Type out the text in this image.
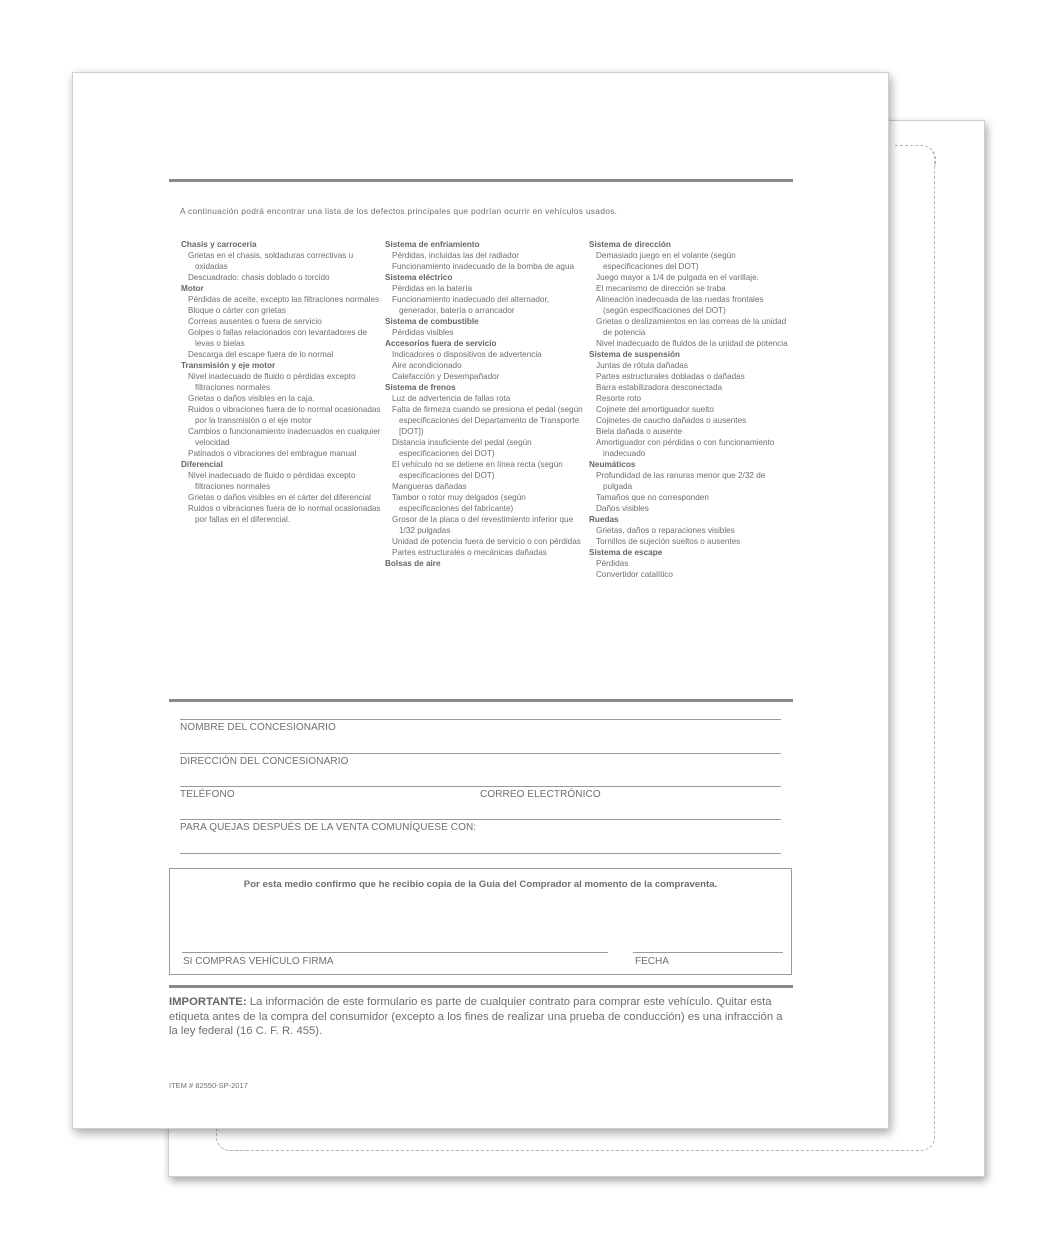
A continuación podrá encontrar una lista de los defectos principales que podrían ocurrir en vehículos usados.
Chasis y carrocería
Grietas en el chasis, soldaduras correctivas u oxidadas
Descuadrado: chasis doblado o torcido
Motor
Pérdidas de aceite, excepto las filtraciones normales
Bloque o cárter con grietas
Correas ausentes o fuera de servicio
Golpes o fallas relacionados con levantadores de levas o bielas
Descarga del escape fuera de lo normal
Transmisión y eje motor
Nivel inadecuado de fluido o pérdidas excepto filtraciones normales
Grietas o daños visibles en la caja.
Ruidos o vibraciones fuera de lo normal ocasionadas por la transmisión o el eje motor
Cambios o funcionamiento inadecuados en cualquier velocidad
Patinados o vibraciones del embrague manual
Diferencial
Nivel inadecuado de fluido o pérdidas excepto filtraciones normales
Grietas o daños visibles en el cárter del diferencial
Ruidos o vibraciones fuera de lo normal ocasionadas por fallas en el diferencial.
Sistema de enfriamiento
Pérdidas, incluidas las del radiador
Funcionamiento inadecuado de la bomba de agua
Sistema eléctrico
Pérdidas en la batería
Funcionamiento inadecuado del alternador, generador, batería o arrancador
Sistema de combustible
Pérdidas visibles
Accesorios fuera de servicio
Indicadores o dispositivos de advertencia
Aire acondicionado
Calefacción y Desempañador
Sistema de frenos
Luz de advertencia de fallas rota
Falta de firmeza cuando se presiona el pedal (según especificaciones del Departamento de Transporte [DOT])
Distancia insuficiente del pedal (según especificaciones del DOT)
El vehículo no se detiene en línea recta (según especificaciones del DOT)
Mangueras dañadas
Tambor o rotor muy delgados (según especificaciones del fabricante)
Grosor de la placa o del revestimiento inferior que 1/32 pulgadas
Unidad de potencia fuera de servicio o con pérdidas
Partes estructurales o mecánicas dañadas
Bolsas de aire
Sistema de dirección
Demasiado juego en el volante (según especificaciones del DOT)
Juego mayor a 1/4 de pulgada en el varillaje.
El mecanismo de dirección se traba
Alineación inadecuada de las ruedas frontales (según especificaciones del DOT)
Grietas o deslizamientos en las correas de la unidad de potencia
Nivel inadecuado de fluidos de la unidad de potencia
Sistema de suspensión
Juntas de rótula dañadas
Partes estructurales dobladas o dañadas
Barra estabilizadora desconectada
Resorte roto
Cojinete del amortiguador suelto
Cojinetes de caucho dañados o ausentes
Biela dañada o ausente
Amortiguador con pérdidas o con funcionamiento inadecuado
Neumáticos
Profundidad de las ranuras menor que 2/32 de pulgada
Tamaños que no corresponden
Daños visibles
Ruedas
Grietas, daños o reparaciones visibles
Tornillos de sujeción sueltos o ausentes
Sistema de escape
Pérdidas
Convertidor catalítico
NOMBRE DEL CONCESIONARIO
DIRECCIÓN DEL CONCESIONARIO
TELÉFONO	CORREO ELECTRÓNICO
PARA QUEJAS DESPUÉS DE LA VENTA COMUNÍQUESE CON:
Por esta medio confirmo que he recibio copia de la Guia del Comprador al momento de la compraventa.
SI COMPRAS VEHÍCULO FIRMA	FECHA
IMPORTANTE: La información de este formulario es parte de cualquier contrato para comprar este vehículo. Quitar esta etiqueta antes de la compra del consumidor (excepto a los fines de realizar una prueba de conducción) es una infracción a la ley federal (16 C. F. R. 455).
ITEM # 82550-SP-2017
